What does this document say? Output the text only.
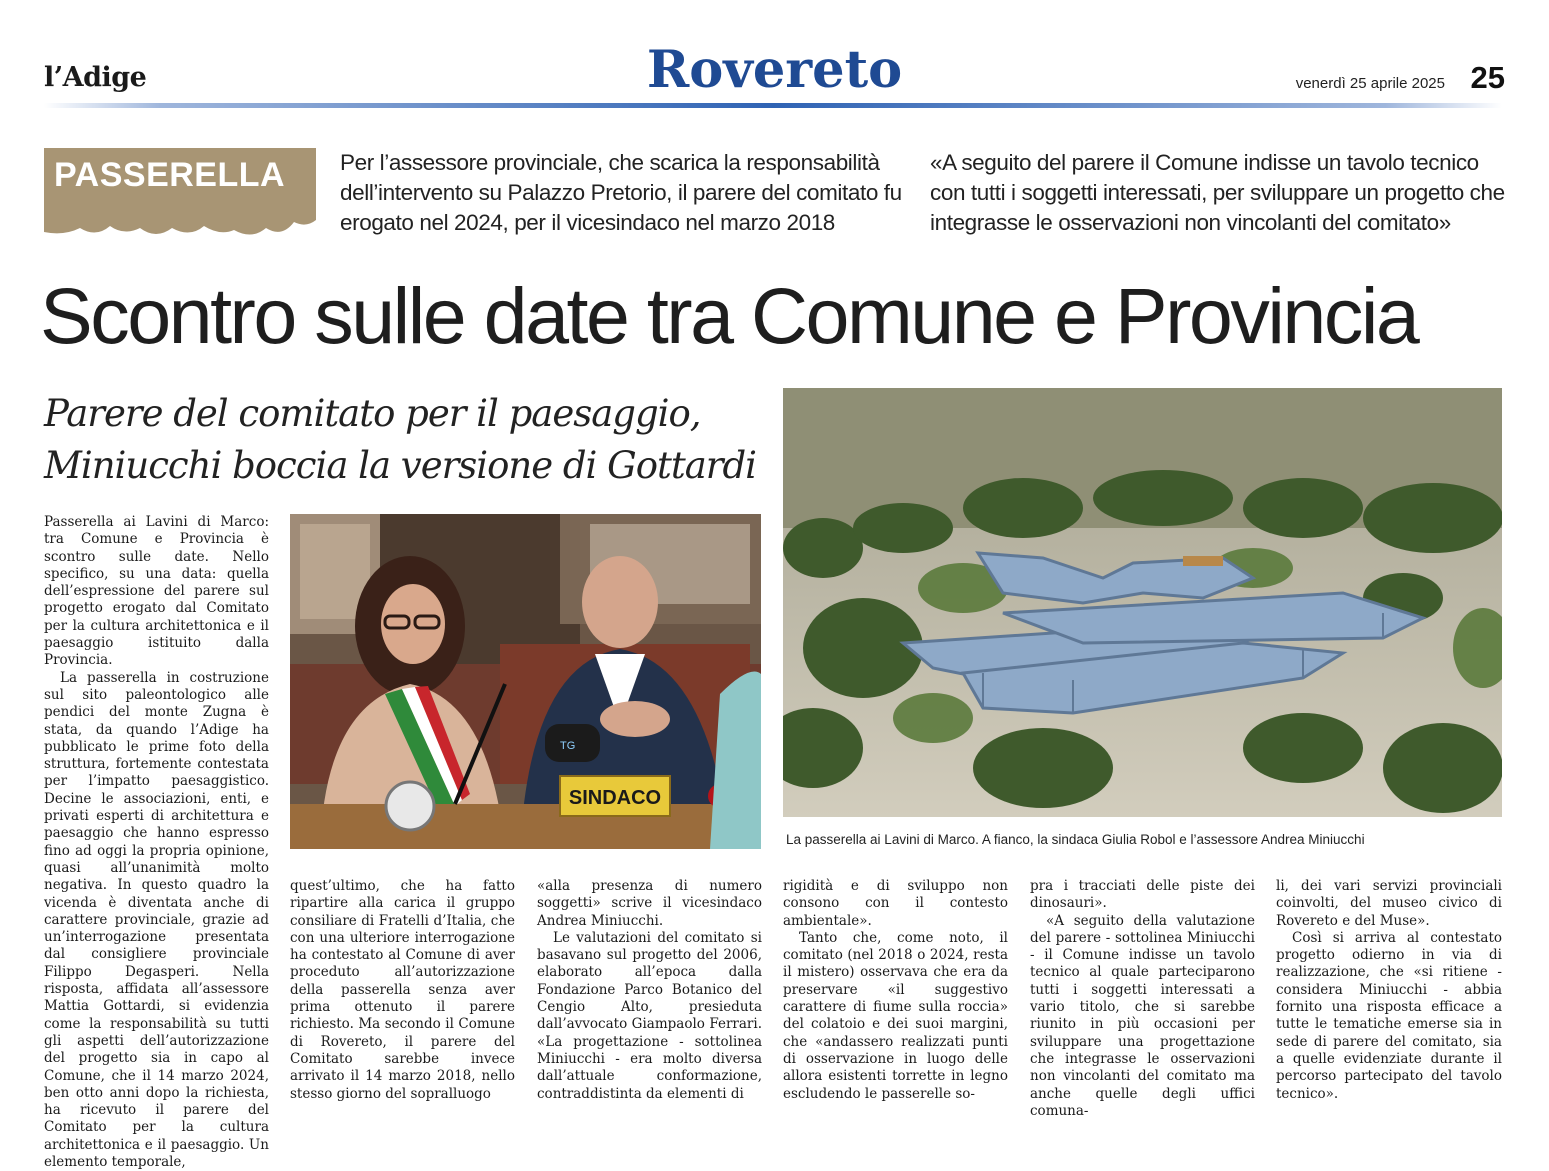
l’Adige	Rovereto	venerdì 25 aprile 2025 25
PASSERELLA Per l’assessore provinciale, che scarica la responsabilità dell’intervento su Palazzo Pretorio, il parere del comitato fu erogato nel 2024, per il vicesindaco nel marzo 2018
«A seguito del parere il Comune indisse un tavolo tecnico con tutti i soggetti interessati, per sviluppare un progetto che integrasse le osservazioni non vincolanti del comitato»
Scontro sulle date tra Comune e Provincia
Parere del comitato per il paesaggio,
Miniucchi boccia la versione di Gottardi
SINDACO
TG
La passerella ai Lavini di Marco. A fianco, la sindaca Giulia Robol e l’assessore Andrea Miniucchi

Passerella ai Lavini di Marco: tra Comune e Provincia è scontro sulle date. Nello specifico, su una data: quella dell’espressione del parere sul progetto erogato dal Comitato per la cultura architettonica e il paesaggio istituito dalla Provincia.

La passerella in costruzione sul sito paleontologico alle pendici del monte Zugna è stata, da quando l’Adige ha pubblicato le prime foto della struttura, fortemente contestata per l’impatto paesaggistico. Decine le associazioni, enti, e privati esperti di architettura e paesaggio che hanno espresso fino ad oggi la propria opinione, quasi all’unanimità molto negativa. In questo quadro la vicenda è diventata anche di carattere provinciale, grazie ad un’interrogazione presentata dal consigliere provinciale Filippo Degasperi. Nella risposta, affidata all’assessore Mattia Gottardi, si evidenzia come la responsabilità su tutti gli aspetti dell’autorizzazione del progetto sia in capo al Comune, che il 14 marzo 2024, ben otto anni dopo la richiesta, ha ricevuto il parere del Comitato per la cultura architettonica e il paesaggio. Un elemento temporale,

quest’ultimo, che ha fatto ripartire alla carica il gruppo consiliare di Fratelli d’Italia, che con una ulteriore interrogazione ha contestato al Comune di aver proceduto all’autorizzazione della passerella senza aver prima ottenuto il parere richiesto. Ma secondo il Comune di Rovereto, il parere del Comitato sarebbe invece arrivato il 14 marzo 2018, nello stesso giorno del sopralluogo

«alla presenza di numero soggetti» scrive il vicesindaco Andrea Miniucchi.

Le valutazioni del comitato si basavano sul progetto del 2006, elaborato all’epoca dalla Fondazione Parco Botanico del Cengio Alto, presieduta dall’avvocato Giampaolo Ferrari. «La progettazione - sottolinea Miniucchi - era molto diversa dall’attuale conformazione, contraddistinta da elementi di

rigidità e di sviluppo non consono con il contesto ambientale».

Tanto che, come noto, il comitato (nel 2018 o 2024, resta il mistero) osservava che era da preservare «il suggestivo carattere di fiume sulla roccia» del colatoio e dei suoi margini, che «andassero realizzati punti di osservazione in luogo delle allora esistenti torrette in legno escludendo le passerelle so-

pra i tracciati delle piste dei dinosauri».

«A seguito della valutazione del parere - sottolinea Miniucchi - il Comune indisse un tavolo tecnico al quale parteciparono tutti i soggetti interessati a vario titolo, che si sarebbe riunito in più occasioni per sviluppare una progettazione che integrasse le osservazioni non vincolanti del comitato ma anche quelle degli uffici comuna-

li, dei vari servizi provinciali coinvolti, del museo civico di Rovereto e del Muse».

Così si arriva al contestato progetto odierno in via di realizzazione, che «si ritiene - considera Miniucchi - abbia fornito una risposta efficace a tutte le tematiche emerse sia in sede di parere del comitato, sia a quelle evidenziate durante il percorso partecipato del tavolo tecnico».
